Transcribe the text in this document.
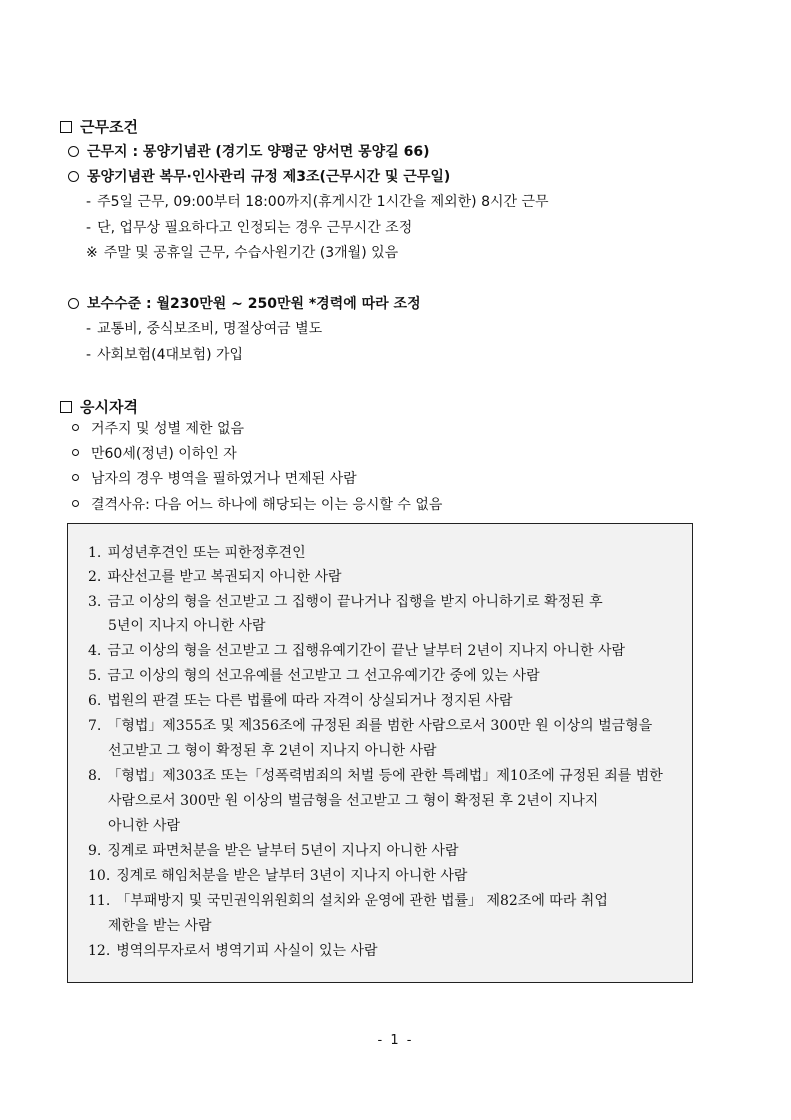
근무조건
근무지 : 몽양기념관 (경기도 양평군 양서면 몽양길 66)
몽양기념관 복무·인사관리 규정 제3조(근무시간 및 근무일)
- 주5일 근무, 09:00부터 18:00까지(휴게시간 1시간을 제외한) 8시간 근무
- 단, 업무상 필요하다고 인정되는 경우 근무시간 조정
※ 주말 및 공휴일 근무, 수습사원기간 (3개월) 있음
보수수준 : 월230만원 ~ 250만원 *경력에 따라 조정
- 교통비, 중식보조비, 명절상여금 별도
- 사회보험(4대보험) 가입
응시자격
거주지 및 성별 제한 없음
만60세(정년) 이하인 자
남자의 경우 병역을 필하였거나 면제된 사람
결격사유: 다음 어느 하나에 해당되는 이는 응시할 수 없음
1. 피성년후견인 또는 피한정후견인
2. 파산선고를 받고 복권되지 아니한 사람
3. 금고 이상의 형을 선고받고 그 집행이 끝나거나 집행을 받지 아니하기로 확정된 후
5년이 지나지 아니한 사람
4. 금고 이상의 형을 선고받고 그 집행유예기간이 끝난 날부터 2년이 지나지 아니한 사람
5. 금고 이상의 형의 선고유예를 선고받고 그 선고유예기간 중에 있는 사람
6. 법원의 판결 또는 다른 법률에 따라 자격이 상실되거나 정지된 사람
7. 「형법」제355조 및 제356조에 규정된 죄를 범한 사람으로서 300만 원 이상의 벌금형을
선고받고 그 형이 확정된 후 2년이 지나지 아니한 사람
8. 「형법」제303조 또는「성폭력범죄의 처벌 등에 관한 특례법」제10조에 규정된 죄를 범한
사람으로서 300만 원 이상의 벌금형을 선고받고 그 형이 확정된 후 2년이 지나지
아니한 사람
9. 징계로 파면처분을 받은 날부터 5년이 지나지 아니한 사람
10. 징계로 해임처분을 받은 날부터 3년이 지나지 아니한 사람
11. 「부패방지 및 국민권익위원회의 설치와 운영에 관한 법률」 제82조에 따라 취업
제한을 받는 사람
12. 병역의무자로서 병역기피 사실이 있는 사람
- 1 -
